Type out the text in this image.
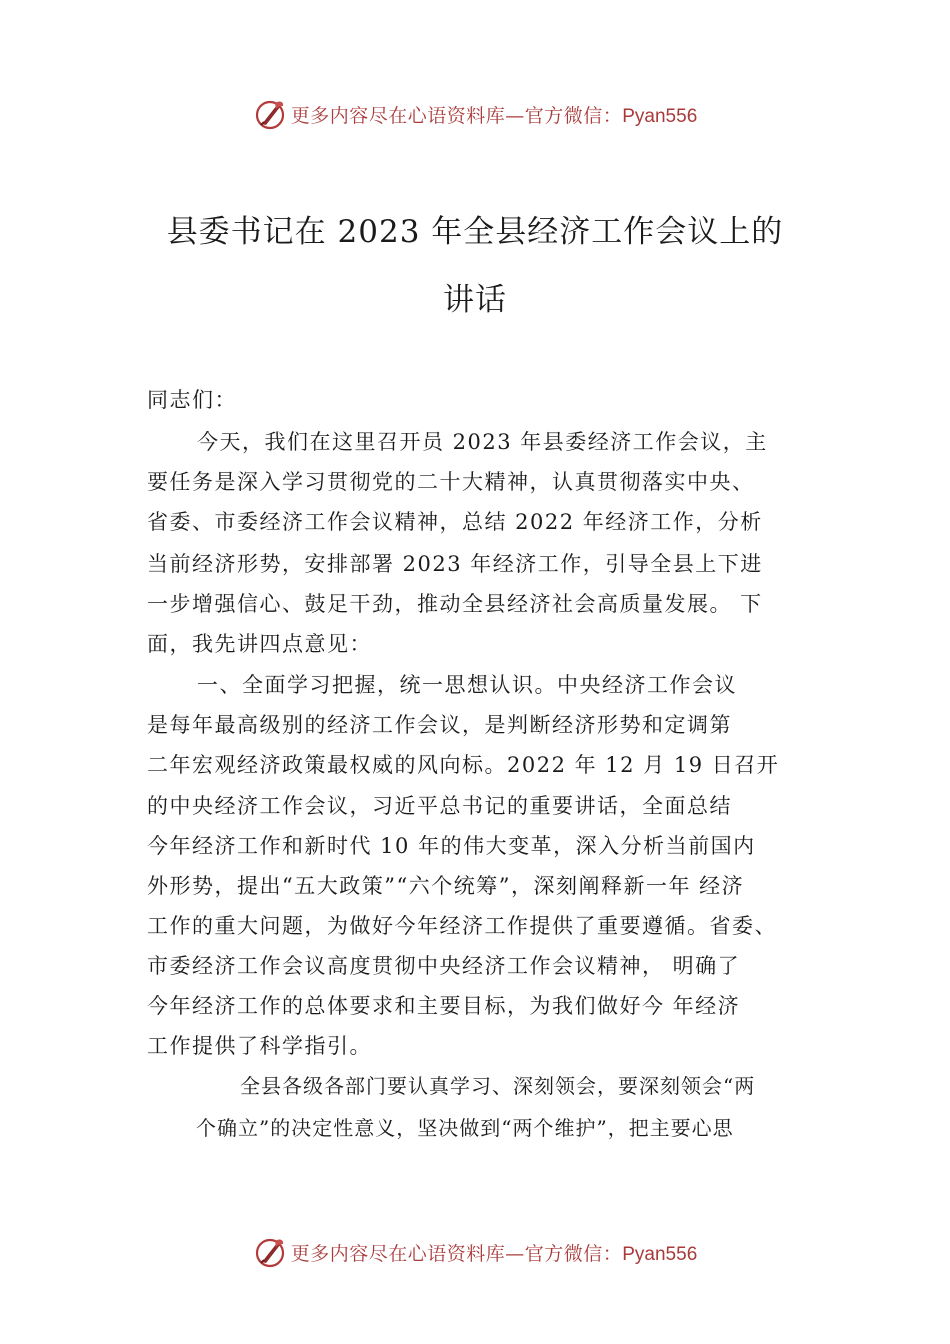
更多内容尽在心语资料库—官方微信：Pyan556
县委书记在 2023 年全县经济工作会议上的
讲话
同志们：
今天，我们在这里召开员 2023 年县委经济工作会议，主
要任务是深入学习贯彻党的二十大精神，认真贯彻落实中央、
省委、市委经济工作会议精神，总结 2022 年经济工作，分析
当前经济形势，安排部署 2023 年经济工作，引导全县上下进
一步增强信心、鼓足干劲，推动全县经济社会高质量发展。 下
面，我先讲四点意见：
一、全面学习把握，统一思想认识。中央经济工作会议
是每年最高级别的经济工作会议，是判断经济形势和定调第
二年宏观经济政策最权威的风向标。2022 年 12 月 19 日召开
的中央经济工作会议，习近平总书记的重要讲话，全面总结
今年经济工作和新时代 10 年的伟大变革，深入分析当前国内
外形势，提出“五大政策”“六个统筹”，深刻阐释新一年 经济
工作的重大问题，为做好今年经济工作提供了重要遵循。省委、
市委经济工作会议高度贯彻中央经济工作会议精神， 明确了
今年经济工作的总体要求和主要目标，为我们做好今 年经济
工作提供了科学指引。
全县各级各部门要认真学习、深刻领会，要深刻领会“两
个确立”的决定性意义，坚决做到“两个维护”，把主要心思
更多内容尽在心语资料库—官方微信：Pyan556
